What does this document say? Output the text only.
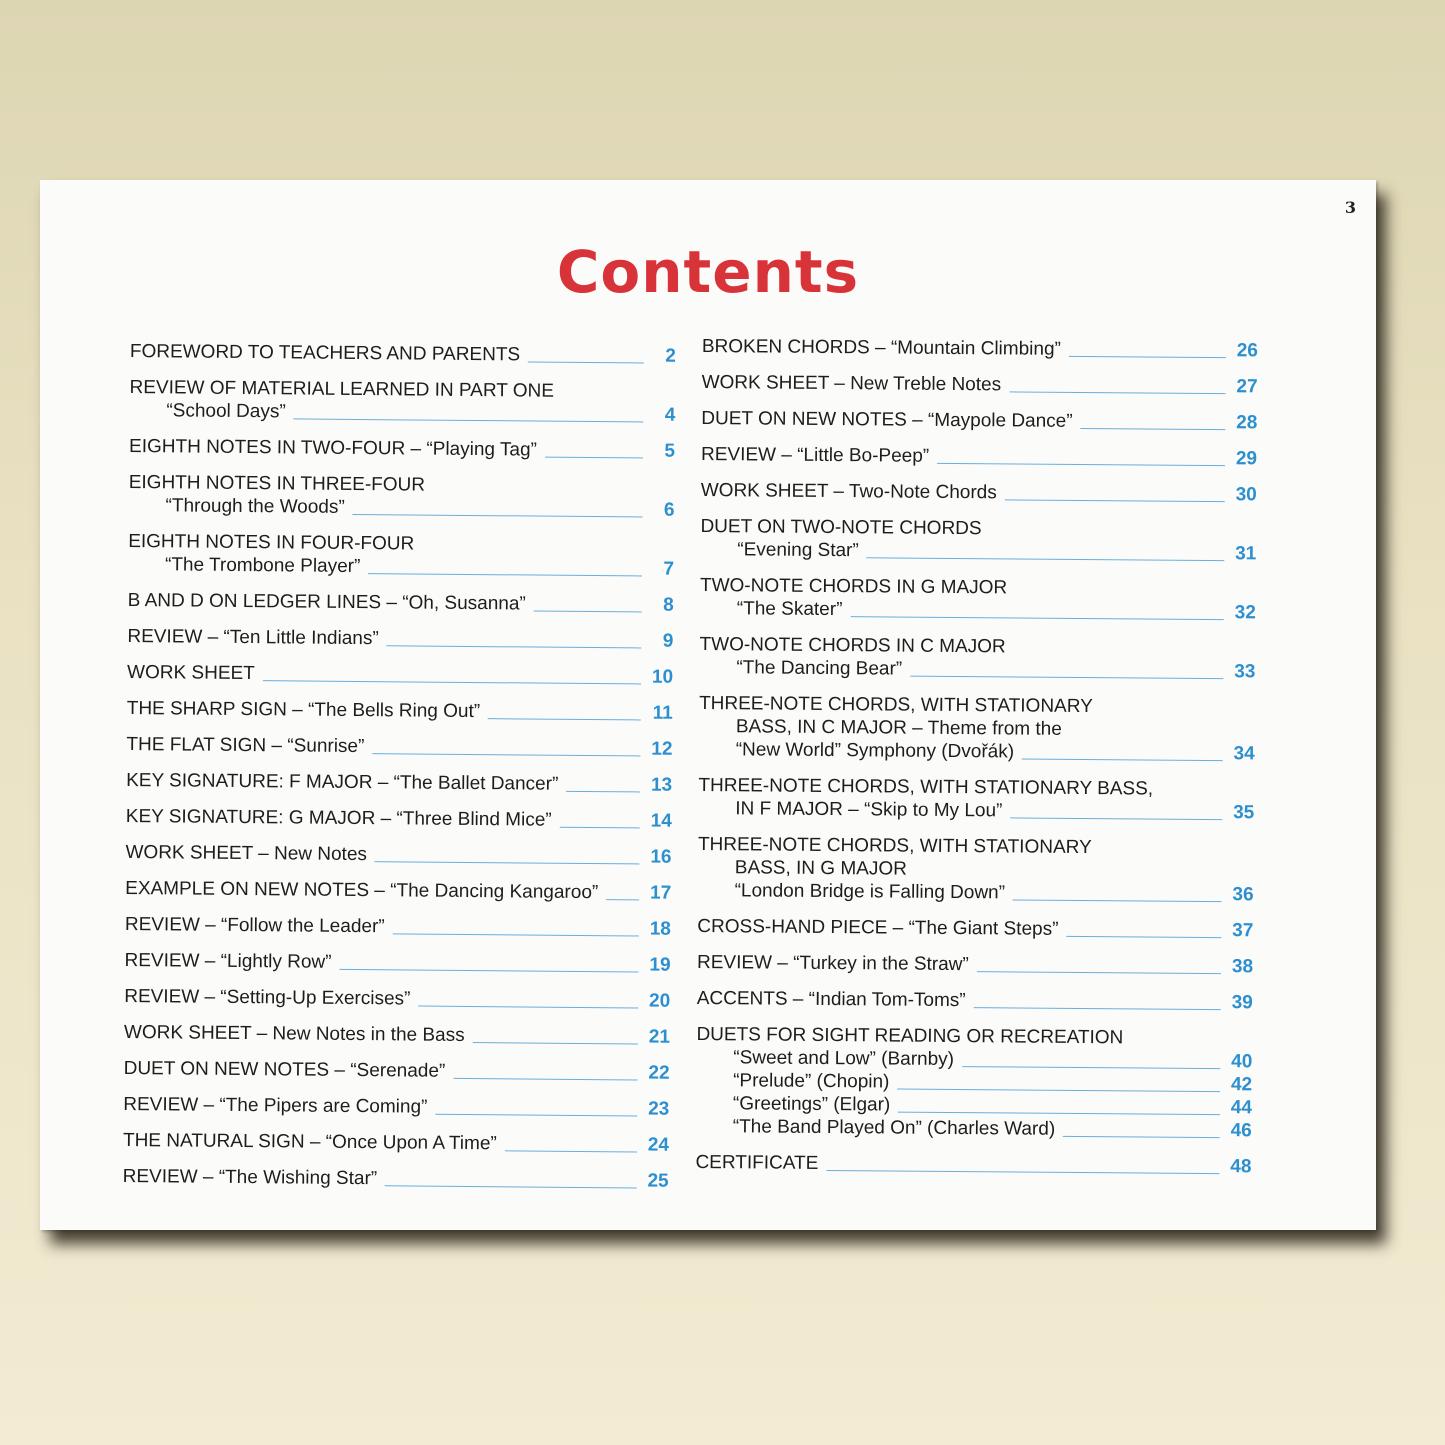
3
Contents
FOREWORD TO TEACHERS AND PARENTS	2
REVIEW OF MATERIAL LEARNED IN PART ONE
“School Days”	4
EIGHTH NOTES IN TWO-FOUR – “Playing Tag”	5
EIGHTH NOTES IN THREE-FOUR
“Through the Woods”	6
EIGHTH NOTES IN FOUR-FOUR
“The Trombone Player”	7
B AND D ON LEDGER LINES – “Oh, Susanna”	8
REVIEW – “Ten Little Indians”	9
WORK SHEET	10
THE SHARP SIGN – “The Bells Ring Out”	11
THE FLAT SIGN – “Sunrise”	12
KEY SIGNATURE: F MAJOR – “The Ballet Dancer”	13
KEY SIGNATURE: G MAJOR – “Three Blind Mice”	14
WORK SHEET – New Notes	16
EXAMPLE ON NEW NOTES – “The Dancing Kangaroo”	17
REVIEW – “Follow the Leader”	18
REVIEW – “Lightly Row”	19
REVIEW – “Setting-Up Exercises”	20
WORK SHEET – New Notes in the Bass	21
DUET ON NEW NOTES – “Serenade”	22
REVIEW – “The Pipers are Coming”	23
THE NATURAL SIGN – “Once Upon A Time”	24
REVIEW – “The Wishing Star”	25
BROKEN CHORDS – “Mountain Climbing”	26
WORK SHEET – New Treble Notes	27
DUET ON NEW NOTES – “Maypole Dance”	28
REVIEW – “Little Bo-Peep”	29
WORK SHEET – Two-Note Chords	30
DUET ON TWO-NOTE CHORDS
“Evening Star”	31
TWO-NOTE CHORDS IN G MAJOR
“The Skater”	32
TWO-NOTE CHORDS IN C MAJOR
“The Dancing Bear”	33
THREE-NOTE CHORDS, WITH STATIONARY
BASS, IN C MAJOR – Theme from the
“New World” Symphony (Dvořák)	34
THREE-NOTE CHORDS, WITH STATIONARY BASS,
IN F MAJOR – “Skip to My Lou”	35
THREE-NOTE CHORDS, WITH STATIONARY
BASS, IN G MAJOR
“London Bridge is Falling Down”	36
CROSS-HAND PIECE – “The Giant Steps”	37
REVIEW – “Turkey in the Straw”	38
ACCENTS – “Indian Tom-Toms”	39
DUETS FOR SIGHT READING OR RECREATION
“Sweet and Low” (Barnby)	40
“Prelude” (Chopin)	42
“Greetings” (Elgar)	44
“The Band Played On” (Charles Ward)	46
CERTIFICATE	48
